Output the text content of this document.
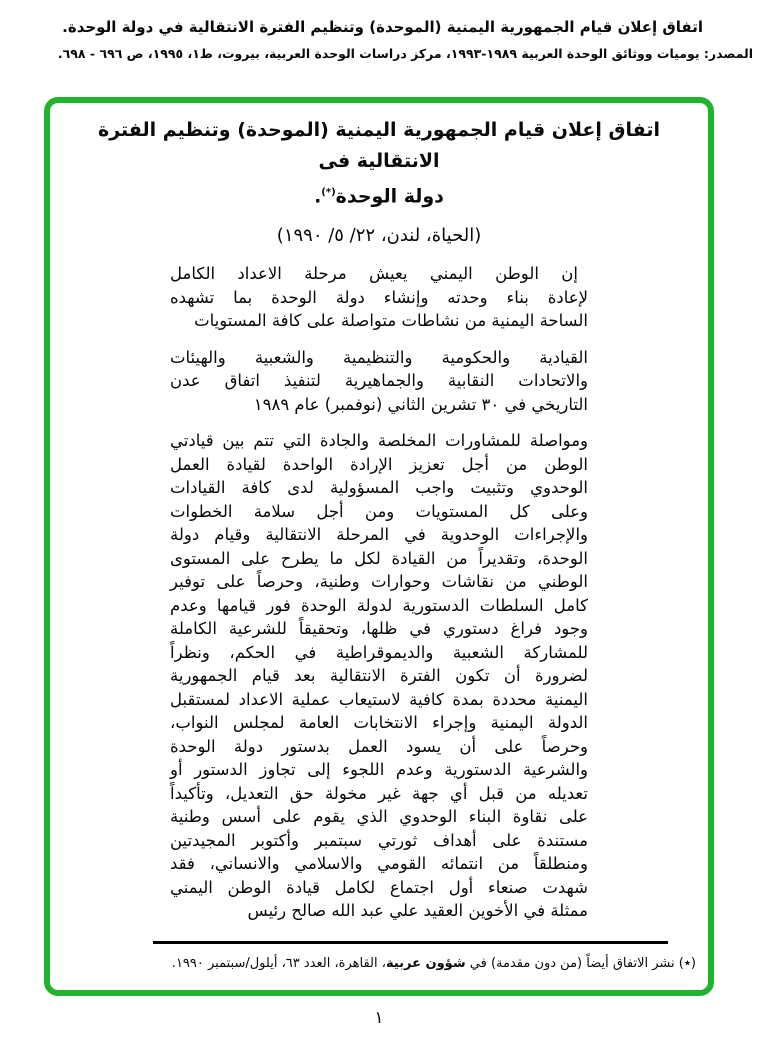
اتفاق إعلان قيام الجمهورية اليمنية (الموحدة) وتنظيم الفترة الانتقالية في دولة الوحدة.
المصدر: يوميات ووثائق الوحدة العربية ١٩٨٩-١٩٩٣، مركز دراسات الوحدة العربية، بيروت، ط١، ١٩٩٥، ص ٦٩٦ - ٦٩٨.
اتفاق إعلان قيام الجمهورية اليمنية (الموحدة) وتنظيم الفترة الانتقالية فى
دولة الوحدة(*).
(الحياة، لندن، ٢٢/ ٥/ ١٩٩٠)
إن الوطن اليمني يعيش مرحلة الاعداد الكامل
لإعادة بناء وحدته وإنشاء دولة الوحدة بما تشهده
الساحة اليمنية من نشاطات متواصلة على كافة المستويات
القيادية والحكومية والتنظيمية والشعبية والهيئات
والاتحادات النقابية والجماهيرية لتنفيذ اتفاق عدن
التاريخي في ٣٠ تشرين الثاني (نوفمبر) عام ١٩٨٩
ومواصلة للمشاورات المخلصة والجادة التي تتم بين قيادتي
الوطن من أجل تعزيز الإرادة الواحدة لقيادة العمل
الوحدوي وتثبيت واجب المسؤولية لدى كافة القيادات
وعلى كل المستويات ومن أجل سلامة الخطوات
والإجراءات الوحدوية في المرحلة الانتقالية وقيام دولة
الوحدة، وتقديراً من القيادة لكل ما يطرح على المستوى
الوطني من نقاشات وحوارات وطنية، وحرصاً على توفير
كامل السلطات الدستورية لدولة الوحدة فور قيامها وعدم
وجود فراغ دستوري في ظلها، وتحقيقاً للشرعية الكاملة
للمشاركة الشعبية والديموقراطية في الحكم، ونظراً
لضرورة أن تكون الفترة الانتقالية بعد قيام الجمهورية
اليمنية محددة بمدة كافية لاستيعاب عملية الاعداد لمستقبل
الدولة اليمنية وإجراء الانتخابات العامة لمجلس النواب،
وحرصاً على أن يسود العمل بدستور دولة الوحدة
والشرعية الدستورية وعدم اللجوء إلى تجاوز الدستور أو
تعديله من قبل أي جهة غير مخولة حق التعديل، وتأكيداً
على نقاوة البناء الوحدوي الذي يقوم على أسس وطنية
مستندة على أهداف ثورتي سبتمبر وأكتوبر المجيدتين
ومنطلقاً من انتمائه القومي والاسلامي والانساني، فقد
شهدت صنعاء أول اجتماع لكامل قيادة الوطن اليمني
ممثلة في الأخوين العقيد علي عبد الله صالح رئيس
(٭) نشر الاتفاق أيضاً (من دون مقدمة) في شؤون عربية، القاهرة، العدد ٦٣، أيلول/سبتمبر ١٩٩٠.
١
